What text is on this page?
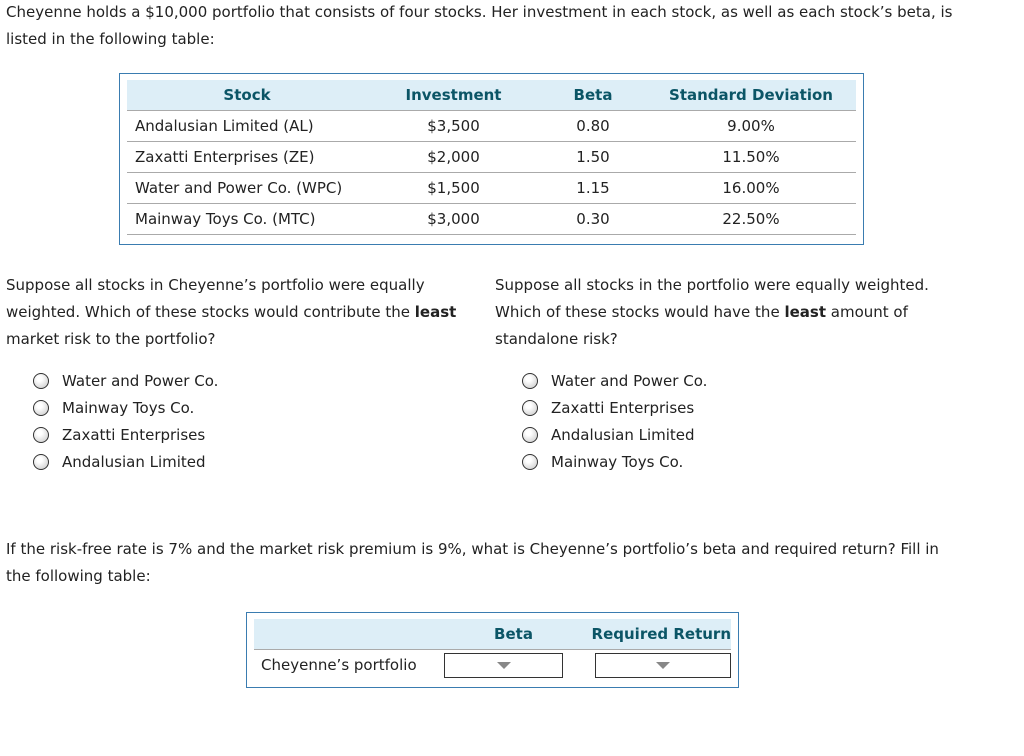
Cheyenne holds a $10,000 portfolio that consists of four stocks. Her investment in each stock, as well as each stock’s beta, is listed in the following table:

Stock	Investment	Beta	Standard Deviation
Andalusian Limited (AL)	$3,500	0.80	9.00%
Zaxatti Enterprises (ZE)	$2,000	1.50	11.50%
Water and Power Co. (WPC)	$1,500	1.15	16.00%
Mainway Toys Co. (MTC)	$3,000	0.30	22.50%

Suppose all stocks in Cheyenne’s portfolio were equally weighted. Which of these stocks would contribute the least market risk to the portfolio?

Suppose all stocks in the portfolio were equally weighted. Which of these stocks would have the least amount of standalone risk?

Water and Power Co.
Mainway Toys Co.
Zaxatti Enterprises
Andalusian Limited
Water and Power Co.
Zaxatti Enterprises
Andalusian Limited
Mainway Toys Co.

If the risk-free rate is 7% and the market risk premium is 9%, what is Cheyenne’s portfolio’s beta and required return? Fill in the following table:

	Beta	Required Return
Cheyenne’s portfolio	
